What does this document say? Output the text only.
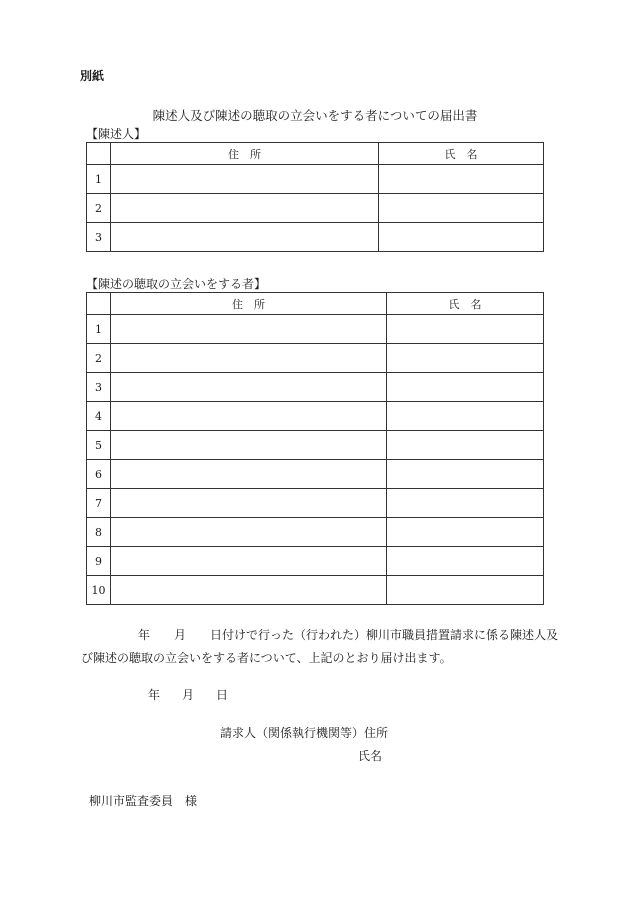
別紙
陳述人及び陳述の聴取の立会いをする者についての届出書
【陳述人】
	住　所	氏　名
1		
2		
3		
【陳述の聴取の立会いをする者】
	住　所	氏　名
1		
2		
3		
4		
5		
6		
7		
8		
9		
10		
年 月 日付けで行った（行われた）柳川市職員措置請求に係る陳述人及
び陳述の聴取の立会いをする者について、上記のとおり届け出ます。
年 月 日
請求人（関係執行機関等）住所
氏名
柳川市監査委員　様
